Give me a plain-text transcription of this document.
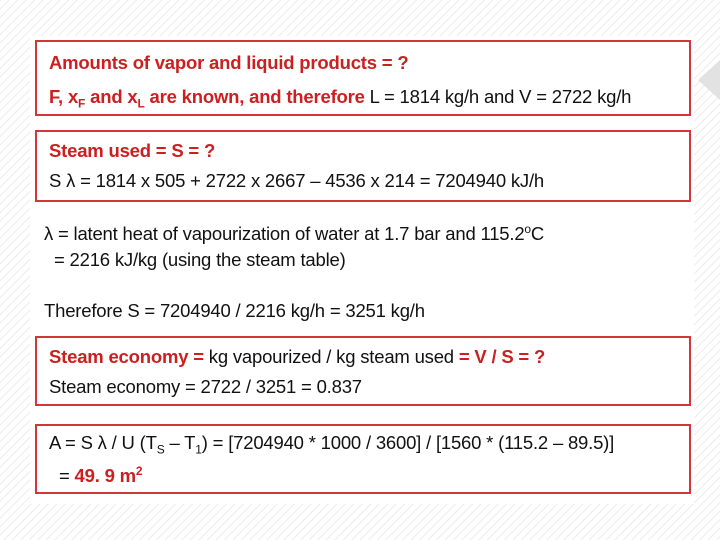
Amounts of vapor and liquid products = ?
F, $x_F$ and $x_L$ are known, and therefore L = 1814 kg/h and V = 2722 kg/h
Steam used = S = ?
S λ = 1814 x 505 + 2722 x 2667 – 4536 x 214 = 7204940 kJ/h
λ = latent heat of vapourization of water at 1.7 bar and $115.2^oC$
= 2216 kJ/kg (using the steam table)
Therefore S = 7204940 / 2216 kg/h = 3251 kg/h
Steam economy = kg vapourized / kg steam used = V / S = ?
Steam economy = 2722 / 3251 = 0.837
A = S λ / U $(T_S - T_1) = [7204940 * 1000 / 3600] / [1560 * (115.2 - 89.5)]$
= 49. 9 $m^2$
